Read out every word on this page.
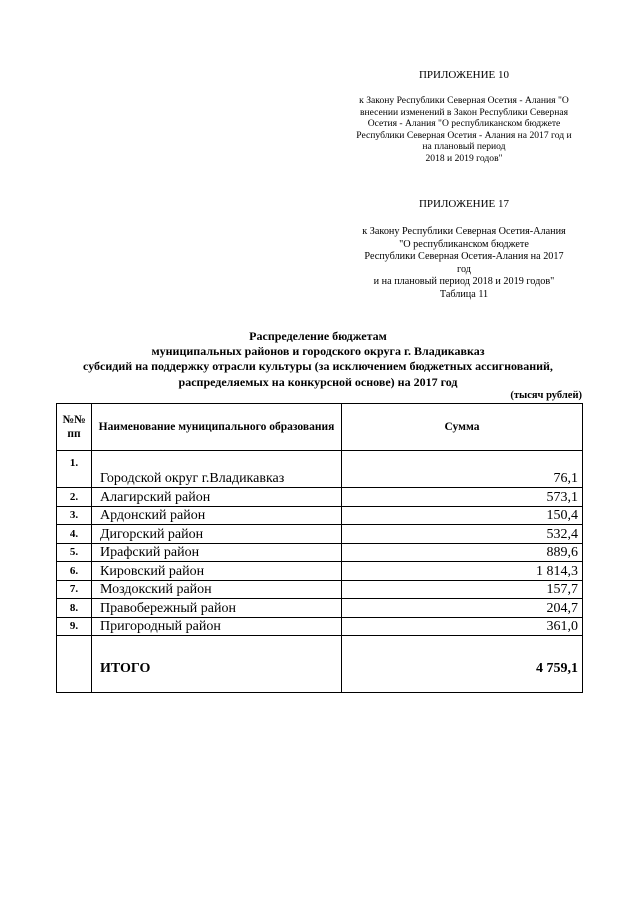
ПРИЛОЖЕНИЕ 10
к Закону Республики Северная Осетия - Алания "О
внесении изменений в Закон Республики Северная
Осетия - Алания "О республиканском бюджете
Республики Северная Осетия - Алания на 2017 год и
на плановый период
2018 и 2019 годов"
ПРИЛОЖЕНИЕ 17
к Закону Республики Северная Осетия-Алания
"О республиканском бюджете
Республики Северная Осетия-Алания на 2017
год
и на плановый период 2018 и 2019 годов"
Таблица 11
Распределение бюджетам
муниципальных районов и городского округа г. Владикавказ
субсидий на поддержку отрасли культуры (за исключением бюджетных ассигнований,
распределяемых на конкурсной основе) на 2017 год
(тысяч рублей)
№№ пп	Наименование муниципального образования	Сумма
1.	Городской округ г.Владикавказ	76,1
2.	Алагирский район	573,1
3.	Ардонский район	150,4
4.	Дигорский район	532,4
5.	Ирафский район	889,6
6.	Кировский район	1 814,3
7.	Моздокский район	157,7
8.	Правобережный район	204,7
9.	Пригородный район	361,0
	ИТОГО	4 759,1
